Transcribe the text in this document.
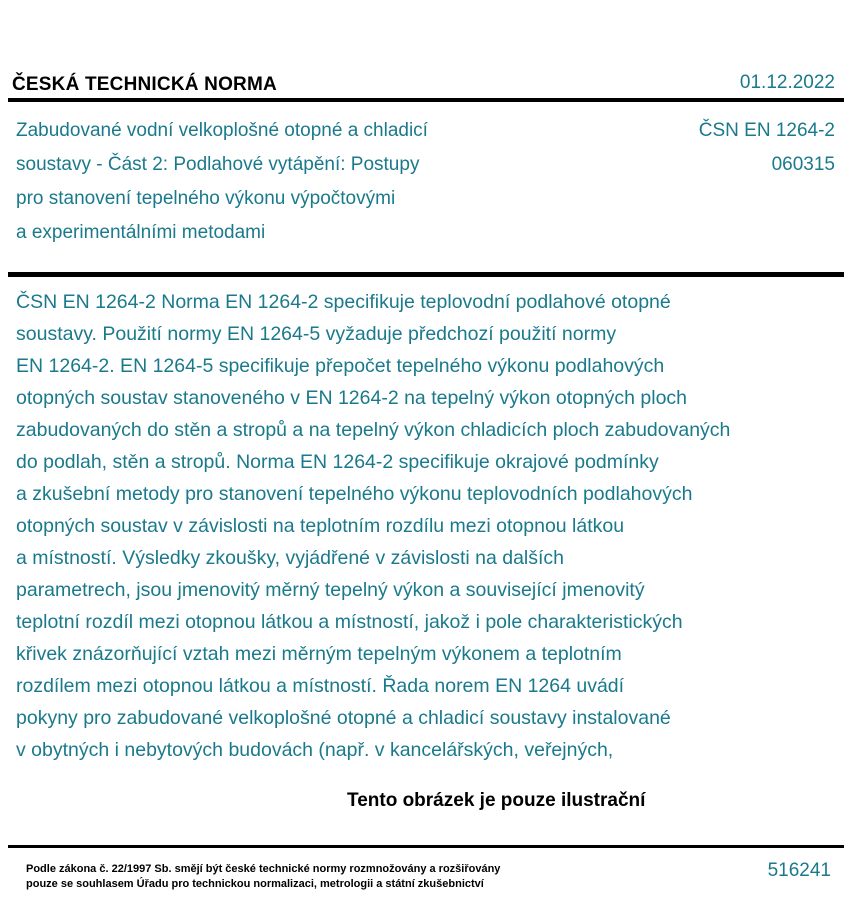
ČESKÁ TECHNICKÁ NORMA	01.12.2022
Zabudované vodní velkoplošné otopné a chladicí
soustavy - Část 2: Podlahové vytápění: Postupy
pro stanovení tepelného výkonu výpočtovými
a experimentálními metodami
ČSN EN 1264-2
060315
ČSN EN 1264-2 Norma EN 1264-2 specifikuje teplovodní podlahové otopné
soustavy. Použití normy EN 1264-5 vyžaduje předchozí použití normy
EN 1264-2. EN 1264-5 specifikuje přepočet tepelného výkonu podlahových
otopných soustav stanoveného v EN 1264-2 na tepelný výkon otopných ploch
zabudovaných do stěn a stropů a na tepelný výkon chladicích ploch zabudovaných
do podlah, stěn a stropů. Norma EN 1264-2 specifikuje okrajové podmínky
a zkušební metody pro stanovení tepelného výkonu teplovodních podlahových
otopných soustav v závislosti na teplotním rozdílu mezi otopnou látkou
a místností. Výsledky zkoušky, vyjádřené v závislosti na dalších
parametrech, jsou jmenovitý měrný tepelný výkon a související jmenovitý
teplotní rozdíl mezi otopnou látkou a místností, jakož i pole charakteristických
křivek znázorňující vztah mezi měrným tepelným výkonem a teplotním
rozdílem mezi otopnou látkou a místností. Řada norem EN 1264 uvádí
pokyny pro zabudované velkoplošné otopné a chladicí soustavy instalované
v obytných i nebytových budovách (např. v kancelářských, veřejných,
Tento obrázek je pouze ilustrační
Podle zákona č. 22/1997 Sb. smějí být české technické normy rozmnožovány a rozšiřovány
pouze se souhlasem Úřadu pro technickou normalizaci, metrologii a státní zkušebnictví
516241
